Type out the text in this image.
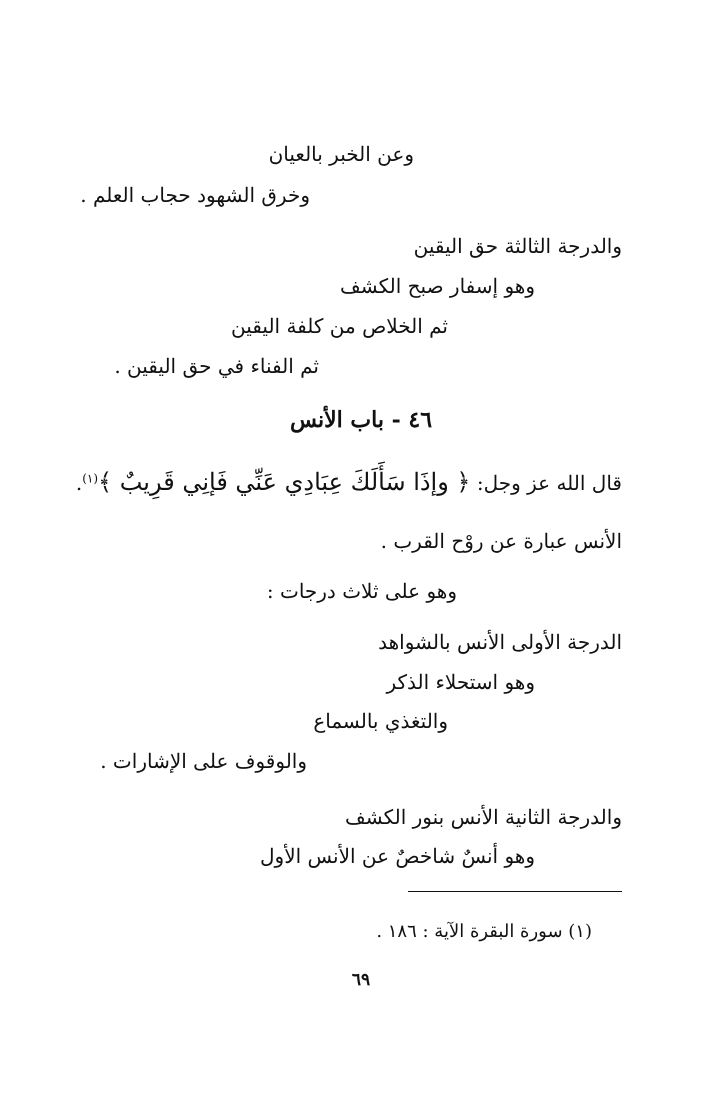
وعن الخبر بالعيان
وخرق الشهود حجاب العلم .
والدرجة الثالثة حق اليقين
وهو إسفار صبح الكشف
ثم الخلاص من كلفة اليقين
ثم الفناء في حق اليقين .
٤٦ - باب الأنس
قال الله عز وجل: ﴿ وإذَا سَأَلَكَ عِبَادِي عَنِّي فَإنِي قَرِيبٌ ﴾$^{(١)}$.
الأنس عبارة عن روْح القرب .
وهو على ثلاث درجات :
الدرجة الأولى الأنس بالشواهد
وهو استحلاء الذكر
والتغذي بالسماع
والوقوف على الإشارات .
والدرجة الثانية الأنس بنور الكشف
وهو أنسٌ شاخصٌ عن الأنس الأول
(١) سورة البقرة الآية : ١٨٦ .
٦٩
